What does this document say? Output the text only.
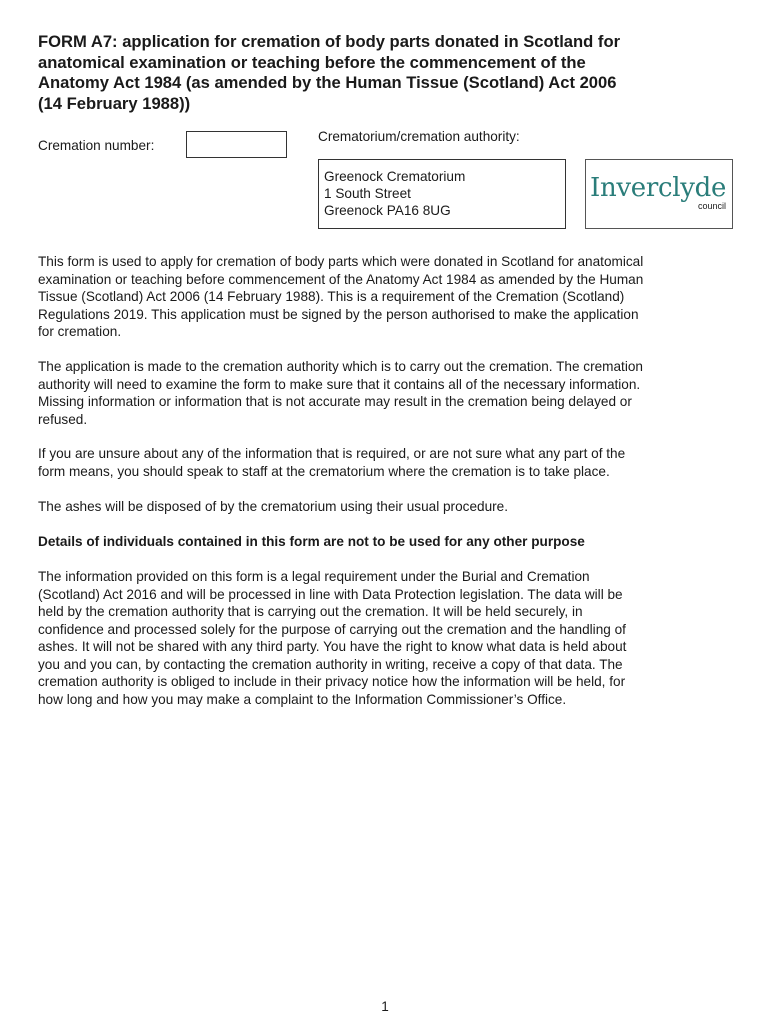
FORM A7: application for cremation of body parts donated in Scotland for
anatomical examination or teaching before the commencement of the
Anatomy Act 1984 (as amended by the Human Tissue (Scotland) Act 2006
(14 February 1988))
Cremation number:
Crematorium/cremation authority:
Greenock Crematorium
1 South Street
Greenock PA16 8UG
Inverclyde
council
This form is used to apply for cremation of body parts which were donated in Scotland for anatomical
examination or teaching before commencement of the Anatomy Act 1984 as amended by the Human
Tissue (Scotland) Act 2006 (14 February 1988). This is a requirement of the Cremation (Scotland)
Regulations 2019. This application must be signed by the person authorised to make the application
for cremation.
The application is made to the cremation authority which is to carry out the cremation. The cremation
authority will need to examine the form to make sure that it contains all of the necessary information.
Missing information or information that is not accurate may result in the cremation being delayed or
refused.
If you are unsure about any of the information that is required, or are not sure what any part of the
form means, you should speak to staff at the crematorium where the cremation is to take place.
The ashes will be disposed of by the crematorium using their usual procedure.
Details of individuals contained in this form are not to be used for any other purpose
The information provided on this form is a legal requirement under the Burial and Cremation
(Scotland) Act 2016 and will be processed in line with Data Protection legislation. The data will be
held by the cremation authority that is carrying out the cremation. It will be held securely, in
confidence and processed solely for the purpose of carrying out the cremation and the handling of
ashes. It will not be shared with any third party. You have the right to know what data is held about
you and you can, by contacting the cremation authority in writing, receive a copy of that data. The
cremation authority is obliged to include in their privacy notice how the information will be held, for
how long and how you may make a complaint to the Information Commissioner’s Office.
1
